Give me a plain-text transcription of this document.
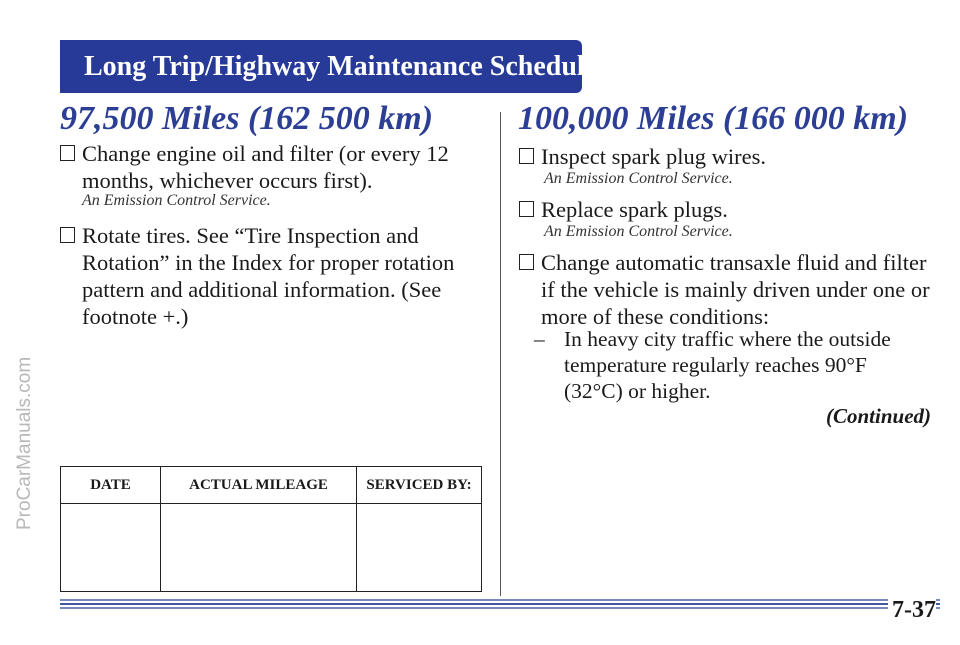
ProCarManuals.com
Long Trip/Highway Maintenance Schedule
97,500 Miles (162 500 km)
Change engine oil and filter (or every 12 months, whichever occurs first).
An Emission Control Service.
Rotate tires. See “Tire Inspection and Rotation” in the Index for proper rotation pattern and additional information. (See footnote +.)
DATE	ACTUAL MILEAGE	SERVICED BY:

100,000 Miles (166 000 km)
Inspect spark plug wires.
An Emission Control Service.
Replace spark plugs.
An Emission Control Service.
Change automatic transaxle fluid and filter if the vehicle is mainly driven under one or more of these conditions:
– In heavy city traffic where the outside temperature regularly reaches 90°F (32°C) or higher.
(Continued)
7-37
